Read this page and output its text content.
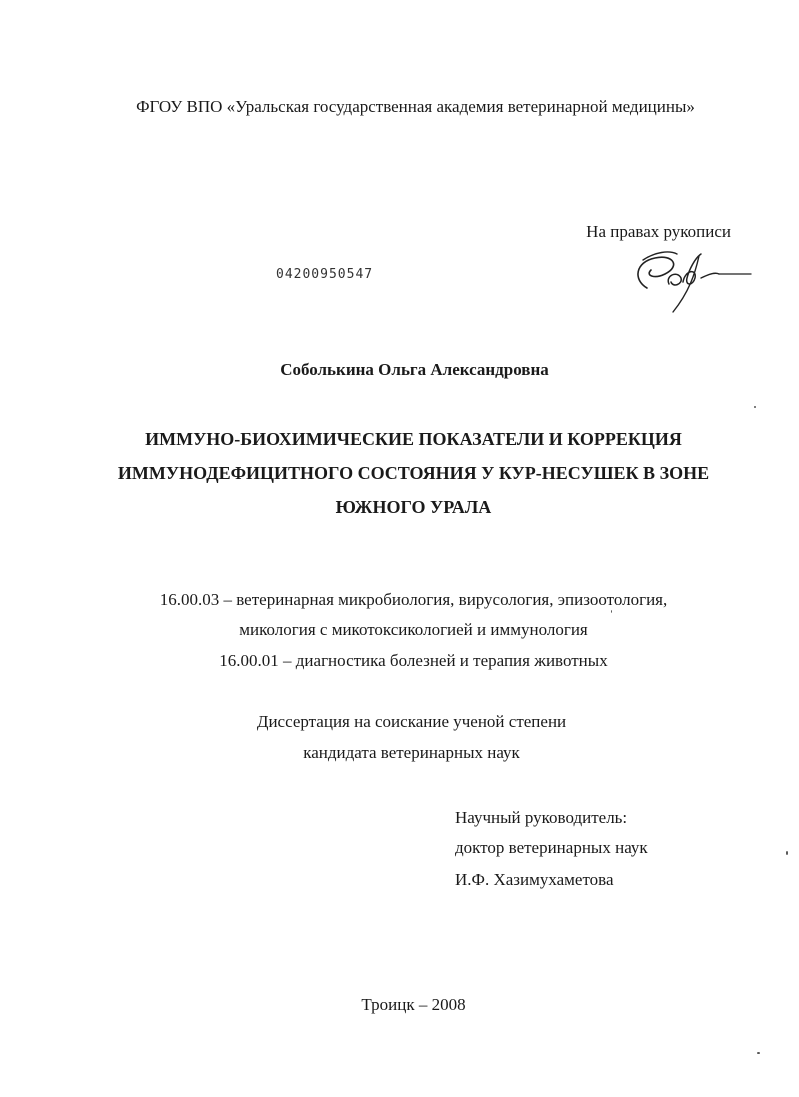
ФГОУ ВПО «Уральская государственная академия ветеринарной медицины»
На правах рукописи
04200950547
Соболькина Ольга Александровна
ИММУНО-БИОХИМИЧЕСКИЕ ПОКАЗАТЕЛИ И КОРРЕКЦИЯ
ИММУНОДЕФИЦИТНОГО СОСТОЯНИЯ У КУР-НЕСУШЕК В ЗОНЕ
ЮЖНОГО УРАЛА
16.00.03 – ветеринарная микробиология, вирусология, эпизоотология,
микология с микотоксикологией и иммунология
16.00.01 – диагностика болезней и терапия животных
Диссертация на соискание ученой степени
кандидата ветеринарных наук
Научный руководитель:
доктор ветеринарных наук
И.Ф. Хазимухаметова
Троицк – 2008
